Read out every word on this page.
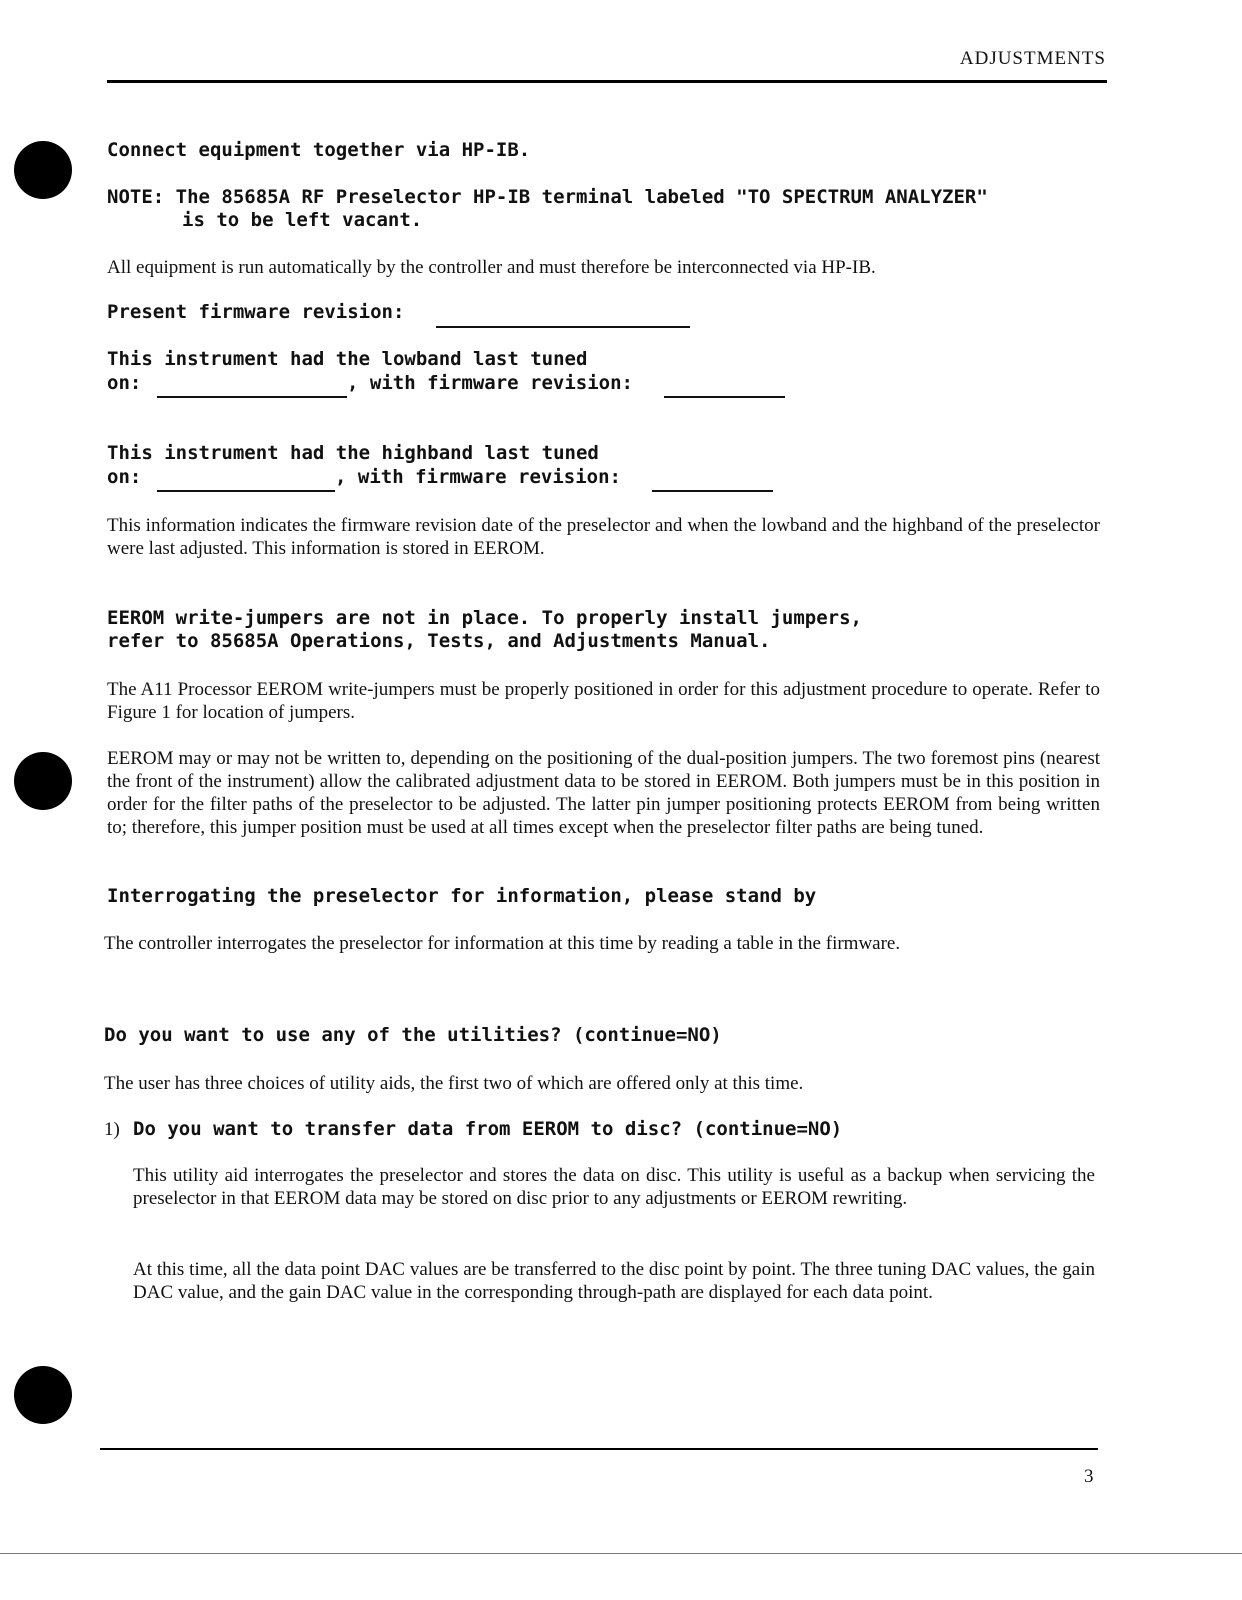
ADJUSTMENTS
Connect equipment together via HP-IB.
NOTE: The 85685A RF Preselector HP-IB terminal labeled "TO SPECTRUM ANALYZER"
is to be left vacant.
All equipment is run automatically by the controller and must therefore be interconnected via HP-IB.
Present firmware revision:
This instrument had the lowband last tuned
on:	, with firmware revision:
This instrument had the highband last tuned
on:	, with firmware revision:
This information indicates the firmware revision date of the preselector and when the lowband and the highband of the preselector were last adjusted. This information is stored in EEROM.
EEROM write-jumpers are not in place. To properly install jumpers,
refer to 85685A Operations, Tests, and Adjustments Manual.
The A11 Processor EEROM write-jumpers must be properly positioned in order for this adjustment procedure to operate. Refer to Figure 1 for location of jumpers.
EEROM may or may not be written to, depending on the positioning of the dual-position jumpers. The two foremost pins (nearest the front of the instrument) allow the calibrated adjustment data to be stored in EEROM. Both jumpers must be in this position in order for the filter paths of the preselector to be adjusted. The latter pin jumper positioning protects EEROM from being written to; therefore, this jumper position must be used at all times except when the preselector filter paths are being tuned.
Interrogating the preselector for information, please stand by
The controller interrogates the preselector for information at this time by reading a table in the firmware.
Do you want to use any of the utilities? (continue=NO)
The user has three choices of utility aids, the first two of which are offered only at this time.
1) Do you want to transfer data from EEROM to disc? (continue=NO)
This utility aid interrogates the preselector and stores the data on disc. This utility is useful as a backup when servicing the preselector in that EEROM data may be stored on disc prior to any adjustments or EEROM rewriting.
At this time, all the data point DAC values are be transferred to the disc point by point. The three tuning DAC values, the gain DAC value, and the gain DAC value in the corresponding through-path are displayed for each data point.
3
